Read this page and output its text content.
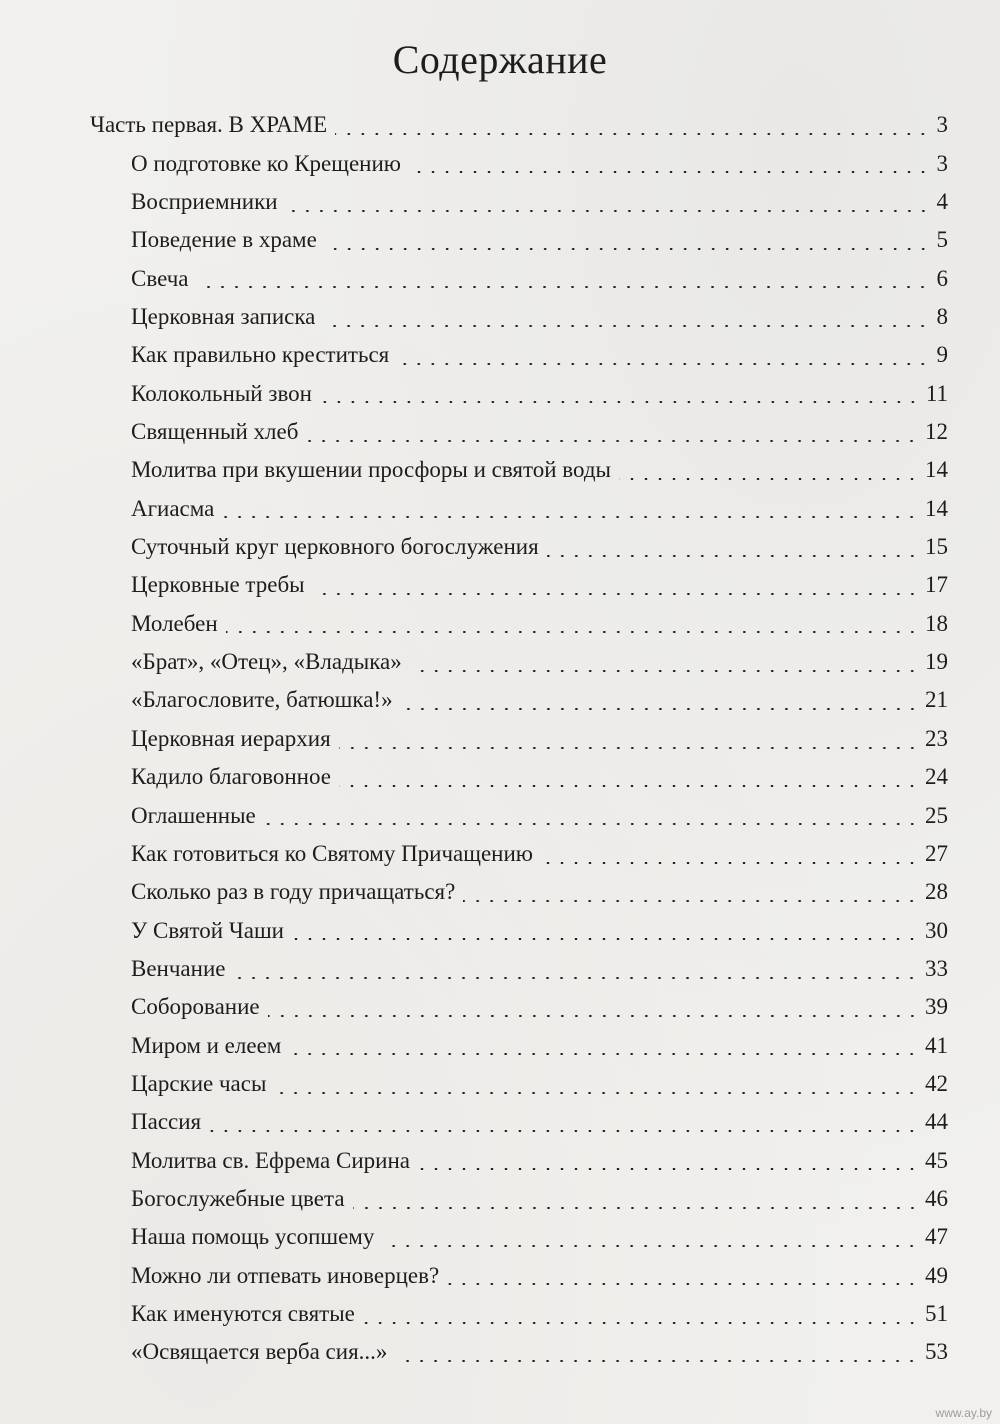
Содержание
Часть первая. В ХРАМЕ	3
О подготовке ко Крещению	3
Восприемники	4
Поведение в храме	5
Свеча	6
Церковная записка	8
Как правильно креститься	9
Колокольный звон	11
Священный хлеб	12
Молитва при вкушении просфоры и святой воды	14
Агиасма	14
Суточный круг церковного богослужения	15
Церковные требы	17
Молебен	18
«Брат», «Отец», «Владыка»	19
«Благословите, батюшка!»	21
Церковная иерархия	23
Кадило благовонное	24
Оглашенные	25
Как готовиться ко Святому Причащению	27
Сколько раз в году причащаться?	28
У Святой Чаши	30
Венчание	33
Соборование	39
Миром и елеем	41
Царские часы	42
Пассия	44
Молитва св. Ефрема Сирина	45
Богослужебные цвета	46
Наша помощь усопшему	47
Можно ли отпевать иноверцев?	49
Как именуются святые	51
«Освящается верба сия...»	53
www.ay.by
